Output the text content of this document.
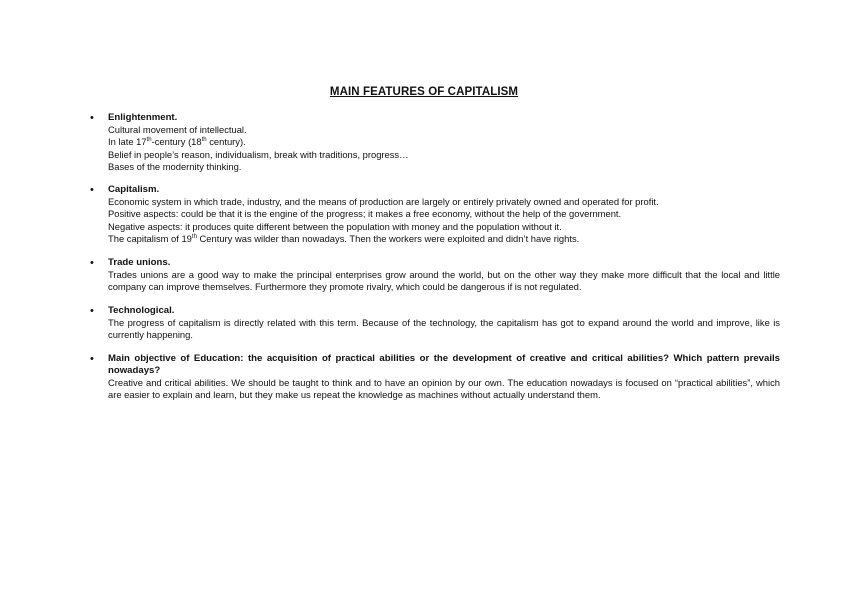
MAIN FEATURES OF CAPITALISM
• Enlightenment.
Cultural movement of intellectual.
In late 17th-century (18th century).
Belief in people’s reason, individualism, break with traditions, progress…
Bases of the modernity thinking.
• Capitalism.
Economic system in which trade, industry, and the means of production are largely or entirely privately owned and operated for profit.
Positive aspects: could be that it is the engine of the progress; it makes a free economy, without the help of the government.
Negative aspects: it produces quite different between the population with money and the population without it.
The capitalism of 19th Century was wilder than nowadays. Then the workers were exploited and didn’t have rights.
• Trade unions.
Trades unions are a good way to make the principal enterprises grow around the world, but on the other way they make more difficult that the local and little company can improve themselves. Furthermore they promote rivalry, which could be dangerous if is not regulated.
• Technological.
The progress of capitalism is directly related with this term. Because of the technology, the capitalism has got to expand around the world and improve, like is currently happening.
• Main objective of Education: the acquisition of practical abilities or the development of creative and critical abilities? Which pattern prevails nowadays?
Creative and critical abilities. We should be taught to think and to have an opinion by our own. The education nowadays is focused on “practical abilities”, which are easier to explain and learn, but they make us repeat the knowledge as machines without actually understand them.
